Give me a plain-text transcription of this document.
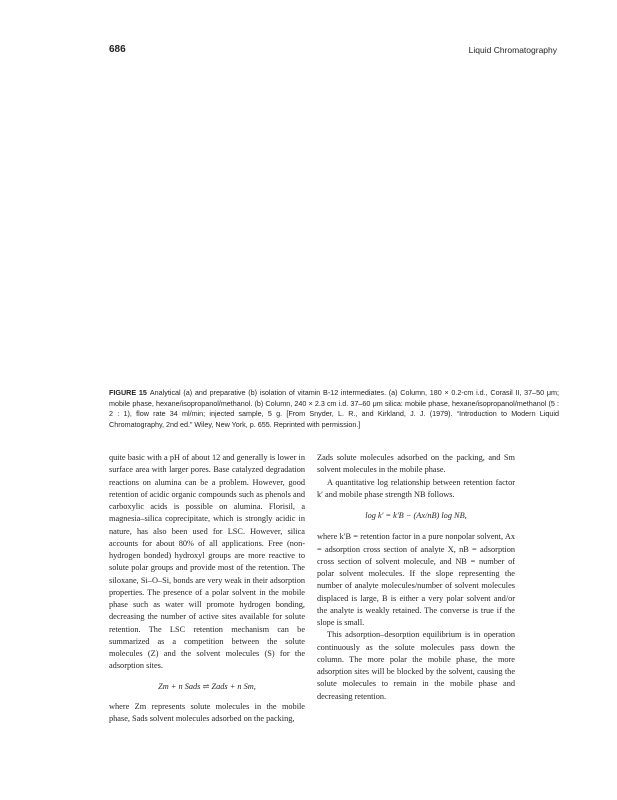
686	Liquid Chromatography
FIGURE 15 Analytical (a) and preparative (b) isolation of vitamin B-12 intermediates. (a) Column, 180 × 0.2-cm i.d., Corasil II, 37–50 μm; mobile phase, hexane/isopropanol/methanol. (b) Column, 240 × 2.3 cm i.d. 37–60 μm silica: mobile phase, hexane/isopropanol/methanol (5 : 2 : 1), flow rate 34 ml/min; injected sample, 5 g. [From Snyder, L. R., and Kirkland, J. J. (1979). “Introduction to Modern Liquid Chromatography, 2nd ed.” Wiley, New York, p. 655. Reprinted with permission.]

quite basic with a pH of about 12 and generally is lower in surface area with larger pores. Base catalyzed degradation reactions on alumina can be a problem. However, good retention of acidic organic compounds such as phenols and carboxylic acids is possible on alumina. Florisil, a magnesia–silica coprecipitate, which is strongly acidic in nature, has also been used for LSC. However, silica accounts for about 80% of all applications. Free (non-hydrogen bonded) hydroxyl groups are more reactive to solute polar groups and provide most of the retention. The siloxane, Si–O–Si, bonds are very weak in their adsorption properties. The presence of a polar solvent in the mobile phase such as water will promote hydrogen bonding, decreasing the number of active sites available for solute retention. The LSC retention mechanism can be summarized as a competition between the solute molecules (Z) and the solvent molecules (S) for the adsorption sites.

Zm + n Sads ⇌ Zads + n Sm,

where Zm represents solute molecules in the mobile phase, Sads solvent molecules adsorbed on the packing,

Zads solute molecules adsorbed on the packing, and Sm solvent molecules in the mobile phase.

A quantitative log relationship between retention factor k′ and mobile phase strength NB follows.

log k′ = k′B − (Ax/nB) log NB,

where k′B = retention factor in a pure nonpolar solvent, Ax = adsorption cross section of analyte X, nB = adsorption cross section of solvent molecule, and NB = number of polar solvent molecules. If the slope representing the number of analyte molecules/number of solvent molecules displaced is large, B is either a very polar solvent and/or the analyte is weakly retained. The converse is true if the slope is small.

This adsorption–desorption equilibrium is in operation continuously as the solute molecules pass down the column. The more polar the mobile phase, the more adsorption sites will be blocked by the solvent, causing the solute molecules to remain in the mobile phase and decreasing retention.
